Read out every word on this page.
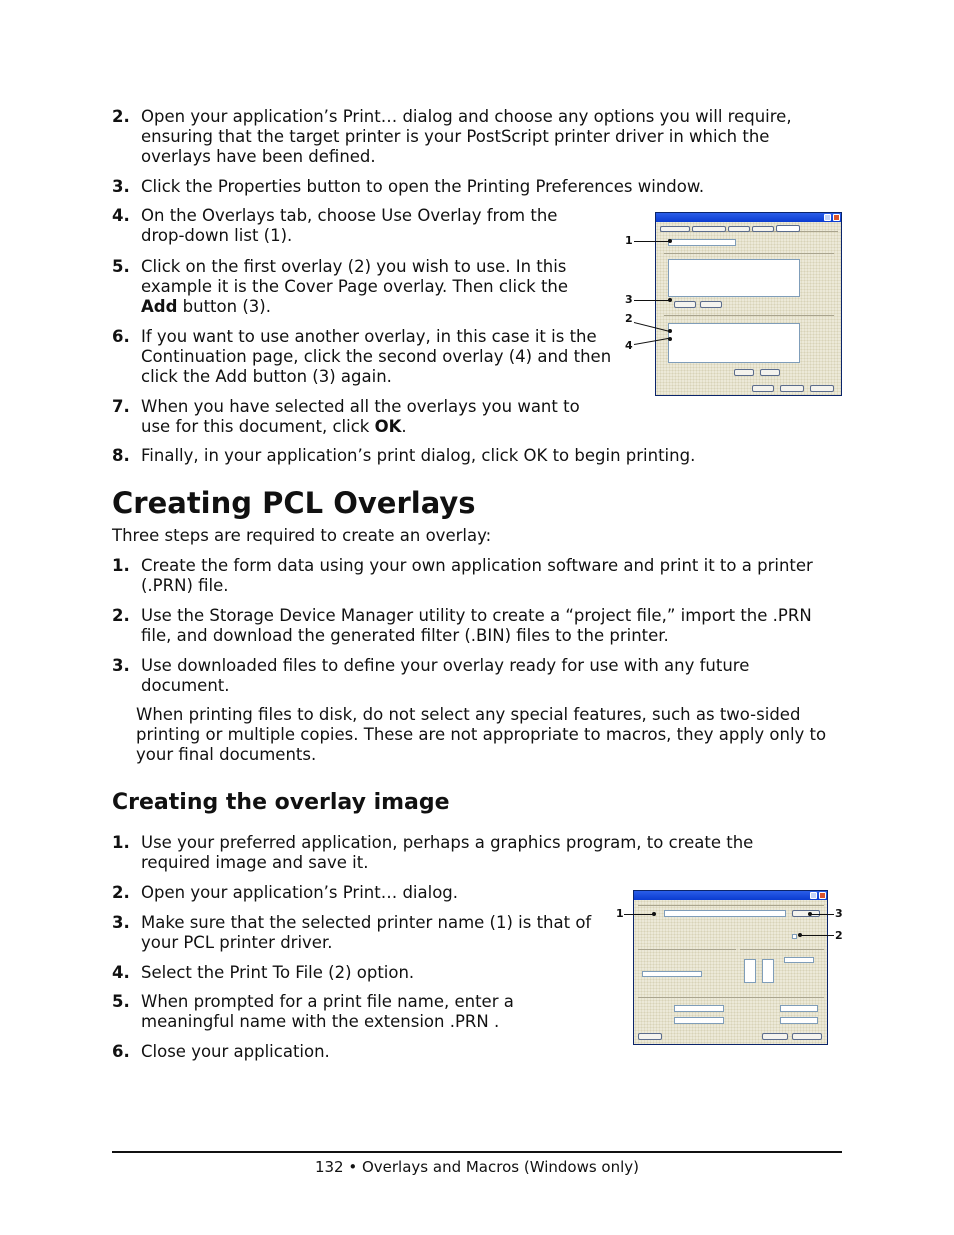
2. Open your application’s Print… dialog and choose any options you will require, ensuring that the target printer is your PostScript printer driver in which the overlays have been defined.
3. Click the Properties button to open the Printing Preferences window.
4. On the Overlays tab, choose Use Overlay from the drop-down list (1).
5. Click on the first overlay (2) you wish to use. In this example it is the Cover Page overlay. Then click the Add button (3).
6. If you want to use another overlay, in this case it is the Continuation page, click the second overlay (4) and then click the Add button (3) again.
7. When you have selected all the overlays you want to use for this document, click OK.
8. Finally, in your application’s print dialog, click OK to begin printing.
1
3
2
4
Creating PCL Overlays
Three steps are required to create an overlay:
1. Create the form data using your own application software and print it to a printer (.PRN) file.
2. Use the Storage Device Manager utility to create a “project file,” import the .PRN file, and download the generated filter (.BIN) files to the printer.
3. Use downloaded files to define your overlay ready for use with any future document.
When printing files to disk, do not select any special features, such as two-sided printing or multiple copies. These are not appropriate to macros, they apply only to your final documents.
Creating the overlay image
1. Use your preferred application, perhaps a graphics program, to create the required image and save it.
2. Open your application’s Print… dialog.
3. Make sure that the selected printer name (1) is that of your PCL printer driver.
4. Select the Print To File (2) option.
5. When prompted for a print file name, enter a meaningful name with the extension .PRN .
6. Close your application.
1	3
2
132 • Overlays and Macros (Windows only)
